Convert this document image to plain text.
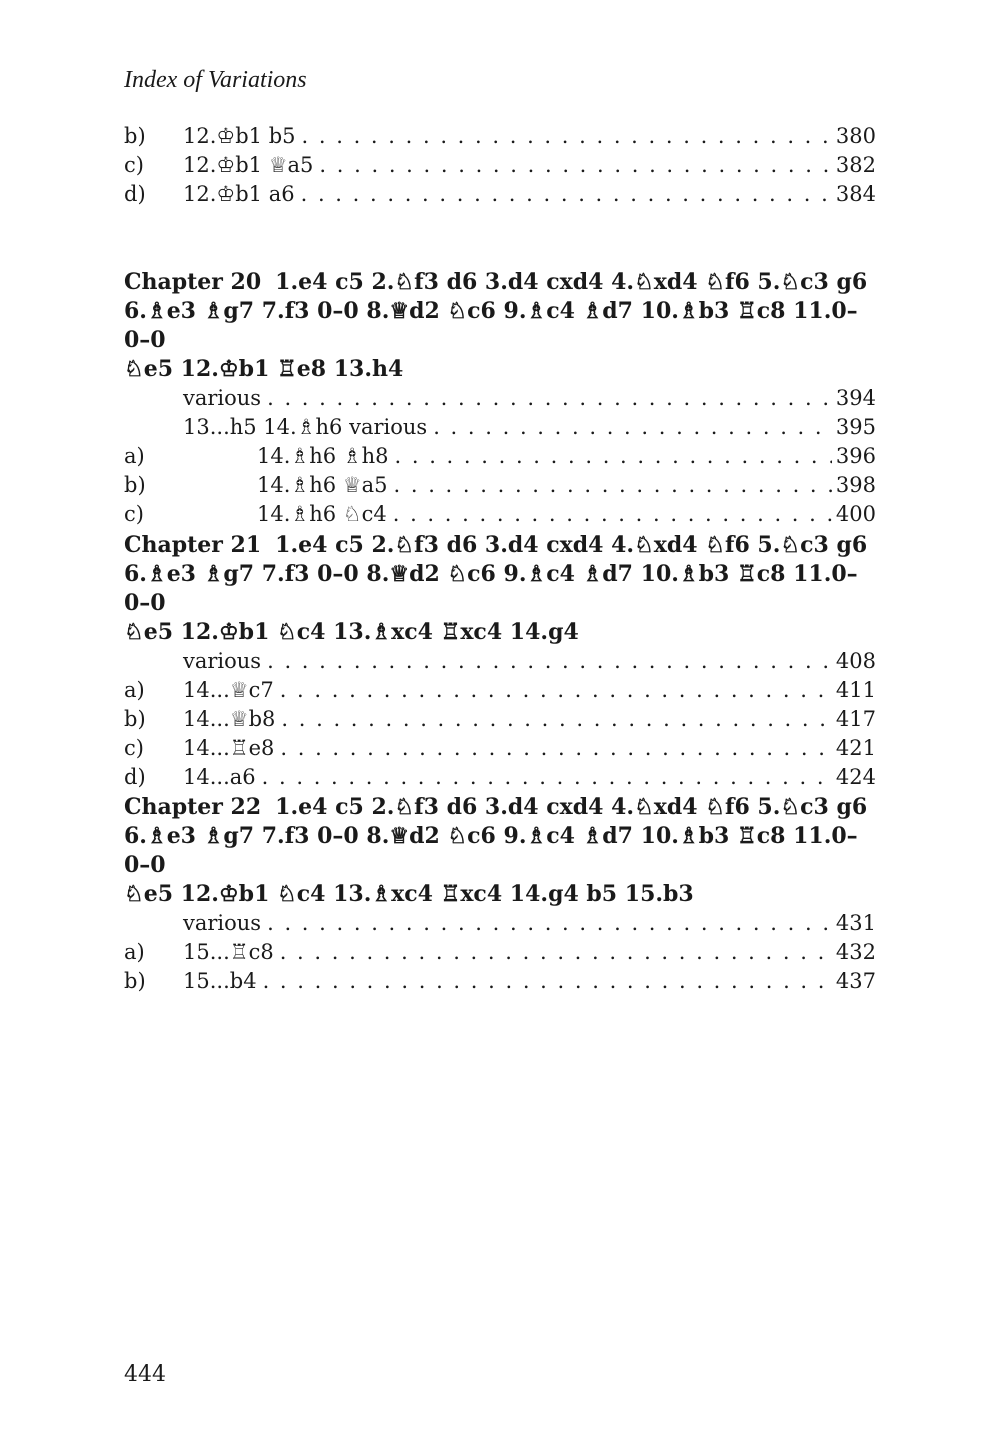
Index of Variations
b)	12.♔b1 b5 . . .	380
c)	12.♔b1 ♕a5 . . .	382
d)	12.♔b1 a6 . . .	384
Chapter 20 1.e4 c5 2.♘f3 d6 3.d4 cxd4 4.♘xd4 ♘f6 5.♘c3 g6
6.♗e3 ♗g7 7.f3 0–0 8.♕d2 ♘c6 9.♗c4 ♗d7 10.♗b3 ♖c8 11.0–0–0
♘e5 12.♔b1 ♖e8 13.h4
various . . .	394
13...h5 14.♗h6 various . . .	395
a)	14.♗h6 ♗h8 . . .	396
b)	14.♗h6 ♕a5 . . .	398
c)	14.♗h6 ♘c4 . . .	400
Chapter 21 1.e4 c5 2.♘f3 d6 3.d4 cxd4 4.♘xd4 ♘f6 5.♘c3 g6
6.♗e3 ♗g7 7.f3 0–0 8.♕d2 ♘c6 9.♗c4 ♗d7 10.♗b3 ♖c8 11.0–0–0
♘e5 12.♔b1 ♘c4 13.♗xc4 ♖xc4 14.g4
various . . .	408
a)	14...♕c7 . . .	411
b)	14...♕b8 . . .	417
c)	14...♖e8 . . .	421
d)	14...a6 . . .	424
Chapter 22 1.e4 c5 2.♘f3 d6 3.d4 cxd4 4.♘xd4 ♘f6 5.♘c3 g6
6.♗e3 ♗g7 7.f3 0–0 8.♕d2 ♘c6 9.♗c4 ♗d7 10.♗b3 ♖c8 11.0–0–0
♘e5 12.♔b1 ♘c4 13.♗xc4 ♖xc4 14.g4 b5 15.b3
various . . .	431
a)	15...♖c8 . . .	432
b)	15...b4 . . .	437
444
